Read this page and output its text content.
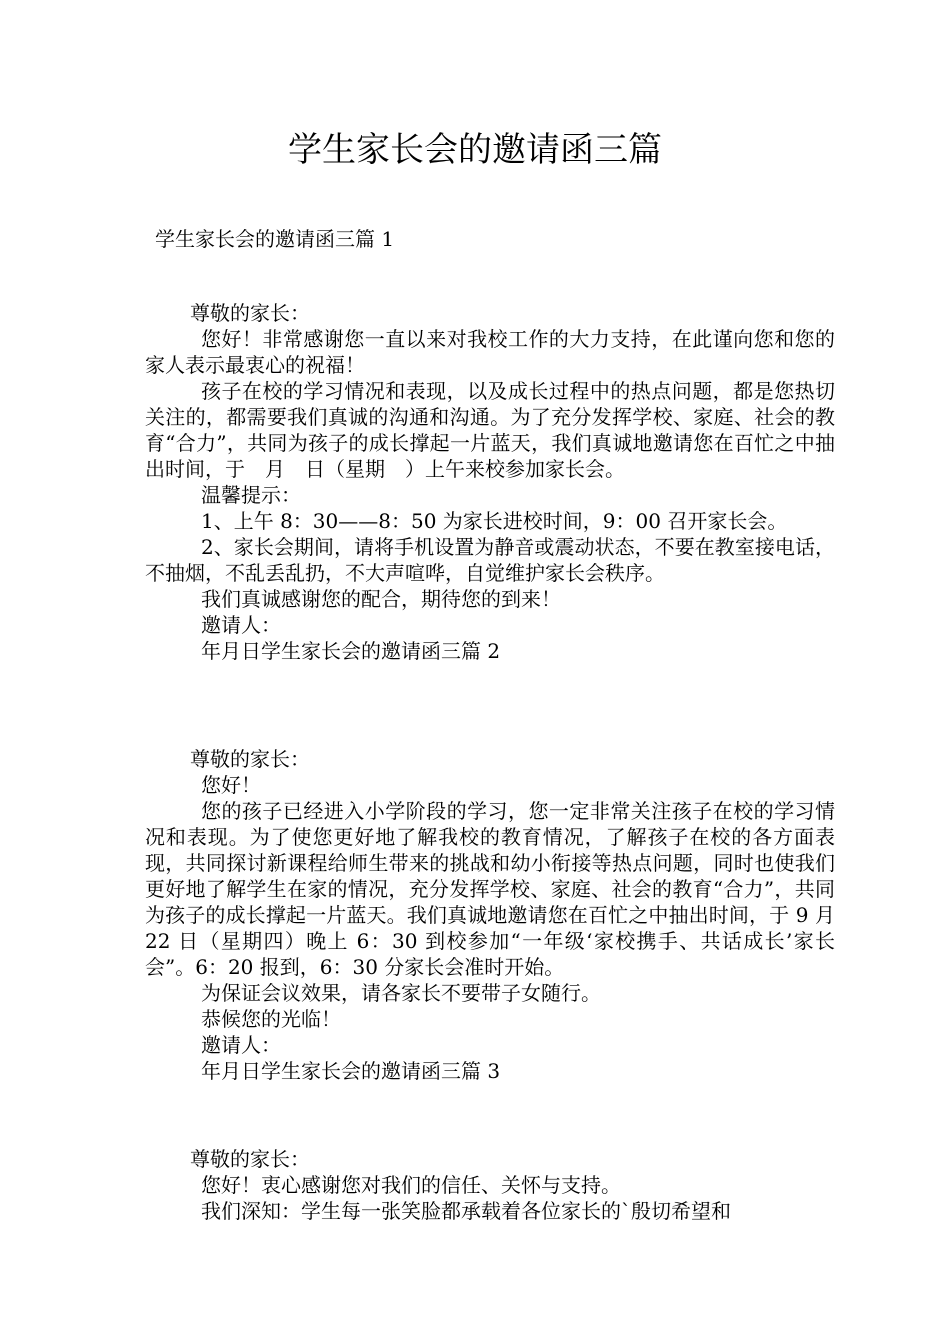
学生家长会的邀请函三篇
学生家长会的邀请函三篇 1

尊敬的家长：

您好！非常感谢您一直以来对我校工作的大力支持，在此谨向您和您的家人表示最衷心的祝福！

孩子在校的学习情况和表现，以及成长过程中的热点问题，都是您热切关注的，都需要我们真诚的沟通和沟通。为了充分发挥学校、家庭、社会的教育“合力”，共同为孩子的成长撑起一片蓝天，我们真诚地邀请您在百忙之中抽出时间，于　月　日（星期　）上午来校参加家长会。

温馨提示：

1、上午 8：30——8：50 为家长进校时间，9：00 召开家长会。

2、家长会期间，请将手机设置为静音或震动状态，不要在教室接电话，不抽烟，不乱丢乱扔，不大声喧哗，自觉维护家长会秩序。

我们真诚感谢您的配合，期待您的到来！

邀请人：

年月日学生家长会的邀请函三篇 2

尊敬的家长：

您好！

您的孩子已经进入小学阶段的学习，您一定非常关注孩子在校的学习情况和表现。为了使您更好地了解我校的教育情况，了解孩子在校的各方面表现，共同探讨新课程给师生带来的挑战和幼小衔接等热点问题，同时也使我们更好地了解学生在家的情况，充分发挥学校、家庭、社会的教育“合力”，共同为孩子的成长撑起一片蓝天。我们真诚地邀请您在百忙之中抽出时间，于 9 月 22 日（星期四）晚上 6：30 到校参加“一年级‘家校携手、共话成长’家长会”。6：20 报到，6：30 分家长会准时开始。

为保证会议效果，请各家长不要带子女随行。

恭候您的光临！

邀请人：

年月日学生家长会的邀请函三篇 3

尊敬的家长：

您好！衷心感谢您对我们的信任、关怀与支持。

我们深知：学生每一张笑脸都承载着各位家长的`殷切希望和
